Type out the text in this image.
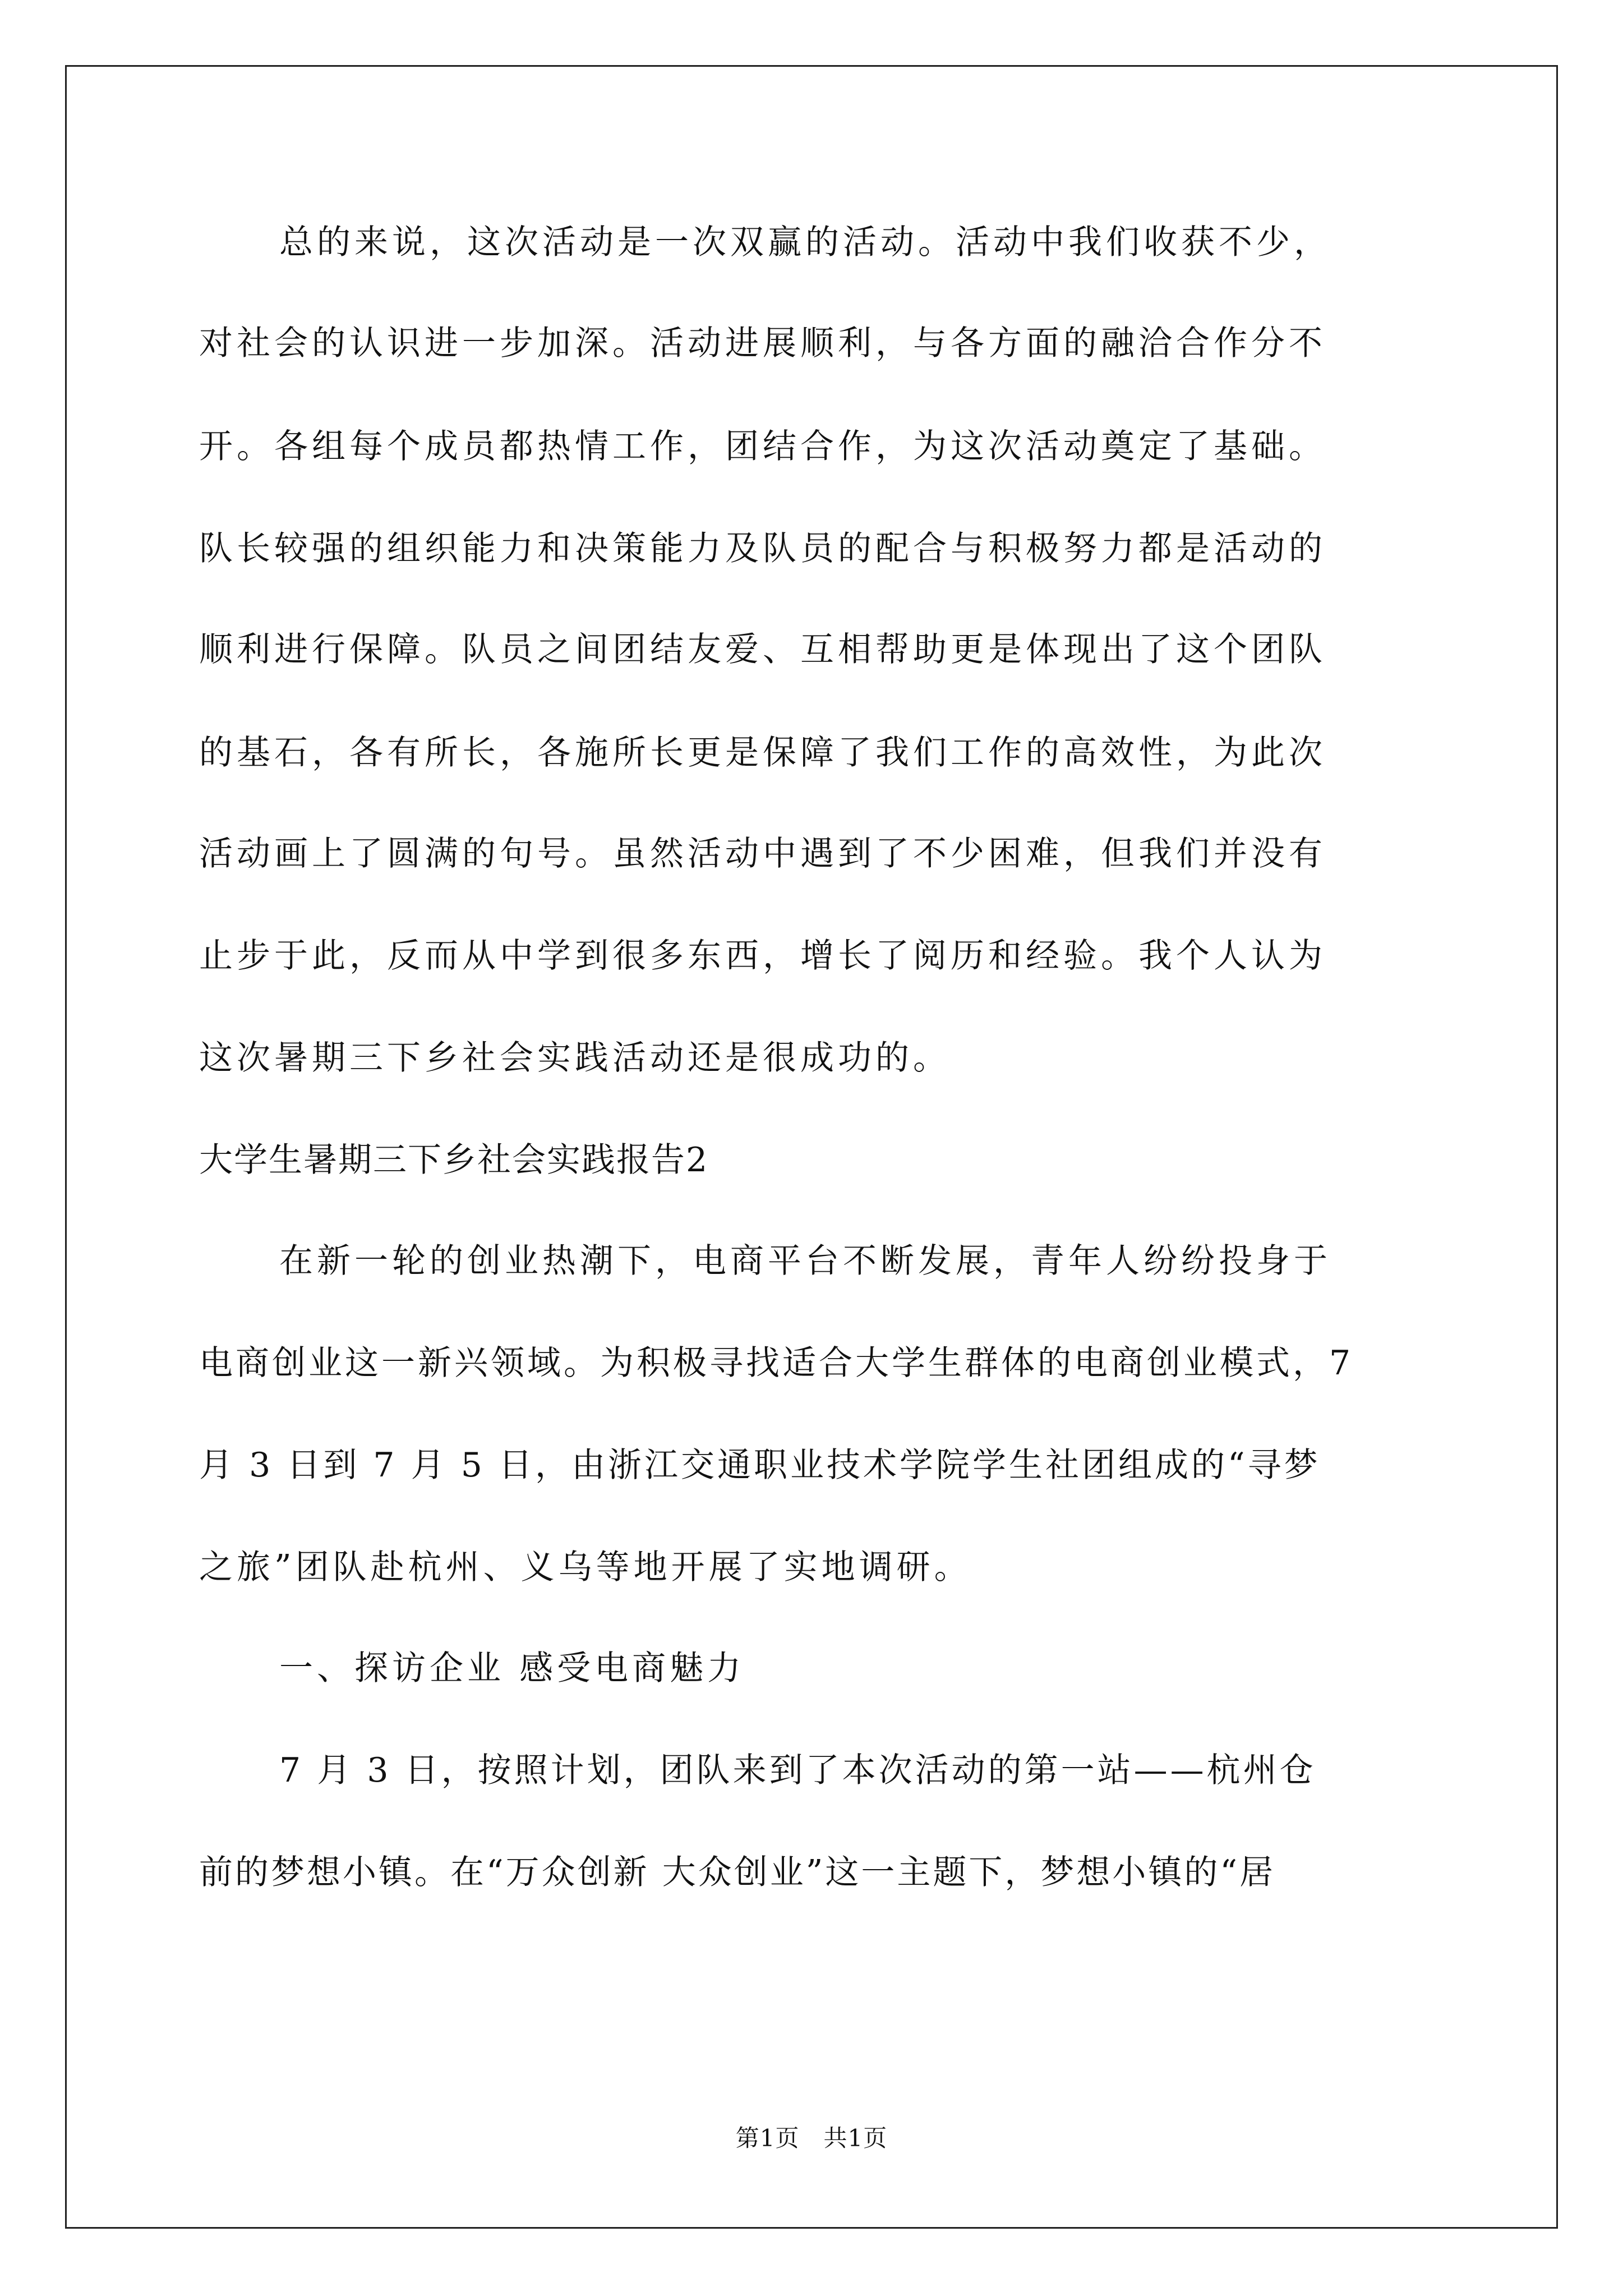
总的来说，这次活动是一次双赢的活动。活动中我们收获不少，
对社会的认识进一步加深。活动进展顺利，与各方面的融洽合作分不
开。各组每个成员都热情工作，团结合作，为这次活动奠定了基础。
队长较强的组织能力和决策能力及队员的配合与积极努力都是活动的
顺利进行保障。队员之间团结友爱、互相帮助更是体现出了这个团队
的基石，各有所长，各施所长更是保障了我们工作的高效性，为此次
活动画上了圆满的句号。虽然活动中遇到了不少困难，但我们并没有
止步于此，反而从中学到很多东西，增长了阅历和经验。我个人认为
这次暑期三下乡社会实践活动还是很成功的。
大学生暑期三下乡社会实践报告2
在新一轮的创业热潮下，电商平台不断发展，青年人纷纷投身于
电商创业这一新兴领域。为积极寻找适合大学生群体的电商创业模式，7
月 3 日到 7 月 5 日，由浙江交通职业技术学院学生社团组成的“寻梦
之旅”团队赴杭州、义乌等地开展了实地调研。
一、探访企业 感受电商魅力
7 月 3 日，按照计划，团队来到了本次活动的第一站——杭州仓
前的梦想小镇。在“万众创新 大众创业”这一主题下，梦想小镇的“居
第1页　共1页
